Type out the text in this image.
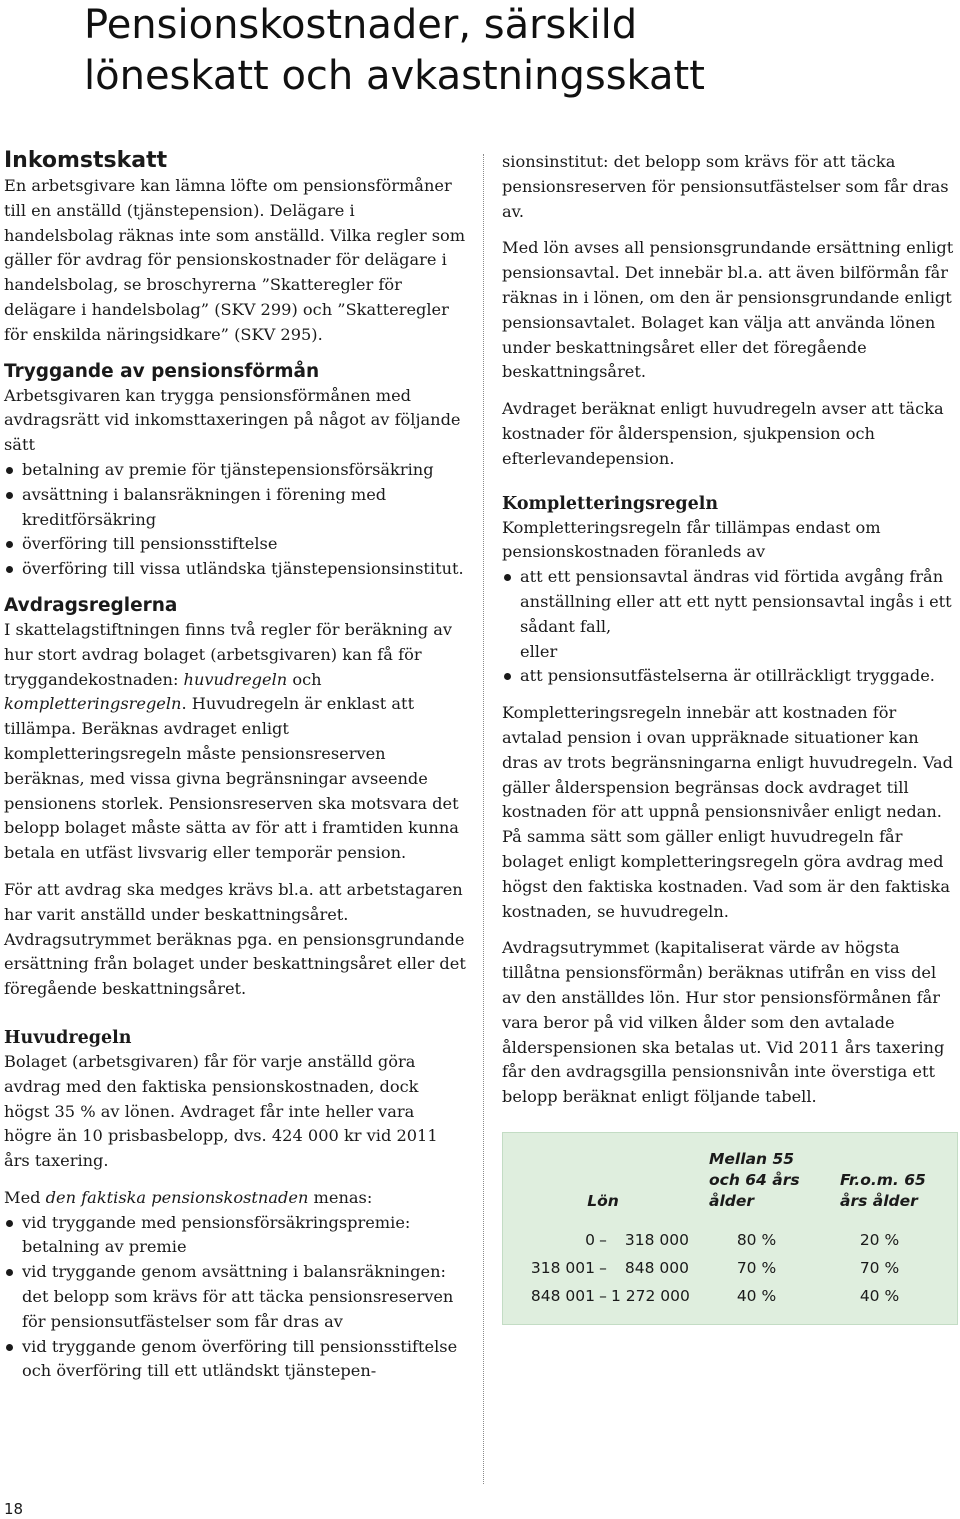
Pensionskostnader, särskild
löneskatt och avkastningsskatt
Inkomstskatt

En arbetsgivare kan lämna löfte om pensionsförmåner till en anställd (tjänstepension). Delägare i handelsbolag räknas inte som anställd. Vilka regler som gäller för avdrag för pensionskostnader för delägare i handelsbolag, se broschyrerna ”Skatteregler för delägare i handelsbolag” (SKV 299) och ”Skatteregler för enskilda näringsidkare” (SKV 295).

Tryggande av pensionsförmån

Arbetsgivaren kan trygga pensionsförmånen med avdragsrätt vid inkomsttaxeringen på något av följande sätt

betalning av premie för tjänstepensionsförsäkring
avsättning i balansräkningen i förening med kreditförsäkring
överföring till pensionsstiftelse
överföring till vissa utländska tjänstepensionsinstitut.
Avdragsreglerna

I skattelagstiftningen finns två regler för beräkning av hur stort avdrag bolaget (arbetsgivaren) kan få för tryggandekostnaden: huvudregeln och kompletteringsregeln. Huvudregeln är enklast att tillämpa. Beräknas avdraget enligt kompletteringsregeln måste pensionsreserven beräknas, med vissa givna begränsningar avseende pensionens storlek. Pensionsreserven ska motsvara det belopp bolaget måste sätta av för att i framtiden kunna betala en utfäst livsvarig eller temporär pension.

För att avdrag ska medges krävs bl.a. att arbetstagaren har varit anställd under beskattningsåret. Avdragsutrymmet beräknas pga. en pensionsgrundande ersättning från bolaget under beskattningsåret eller det föregående beskattningsåret.

Huvudregeln

Bolaget (arbetsgivaren) får för varje anställd göra avdrag med den faktiska pensionskostnaden, dock högst 35 % av lönen. Avdraget får inte heller vara högre än 10 prisbasbelopp, dvs. 424 000 kr vid 2011 års taxering.

Med den faktiska pensionskostnaden menas:

vid tryggande med pensionsförsäkringspremie: betalning av premie
vid tryggande genom avsättning i balansräkningen: det belopp som krävs för att täcka pensionsreserven för pensionsutfästelser som får dras av
vid tryggande genom överföring till pensionsstiftelse och överföring till ett utländskt tjänstepen-

sionsinstitut: det belopp som krävs för att täcka pensionsreserven för pensionsutfästelser som får dras av.

Med lön avses all pensionsgrundande ersättning enligt pensionsavtal. Det innebär bl.a. att även bilförmån får räknas in i lönen, om den är pensionsgrundande enligt pensionsavtalet. Bolaget kan välja att använda lönen under beskattningsåret eller det föregående beskattningsåret.

Avdraget beräknat enligt huvudregeln avser att täcka kostnader för ålderspension, sjukpension och efterlevandepension.

Kompletteringsregeln

Kompletteringsregeln får tillämpas endast om pensionskostnaden föranleds av

att ett pensionsavtal ändras vid förtida avgång från anställning eller att ett nytt pensionsavtal ingås i ett sådant fall,
eller
att pensionsutfästelserna är otillräckligt tryggade.

Kompletteringsregeln innebär att kostnaden för avtalad pension i ovan uppräknade situationer kan dras av trots begränsningarna enligt huvudregeln. Vad gäller ålderspension begränsas dock avdraget till kostnaden för att uppnå pensionsnivåer enligt nedan. På samma sätt som gäller enligt huvudregeln får bolaget enligt kompletteringsregeln göra avdrag med högst den faktiska kostnaden. Vad som är den faktiska kostnaden, se huvudregeln.

Avdragsutrymmet (kapitaliserat värde av högsta tillåtna pensionsförmån) beräknas utifrån en viss del av den anställdes lön. Hur stor pensionsförmånen får vara beror på vid vilken ålder som den avtalade ålderspensionen ska betalas ut. Vid 2011 års taxering får den avdragsgilla pensionsnivån inte överstiga ett belopp beräknat enligt följande tabell.

Lön	Mellan 55 och 64 års ålder	Fr.o.m. 65 års ålder
0 – 318 000	80 %	20 %
318 001 – 848 000	70 %	70 %
848 001 – 1 272 000	40 %	40 %
18
